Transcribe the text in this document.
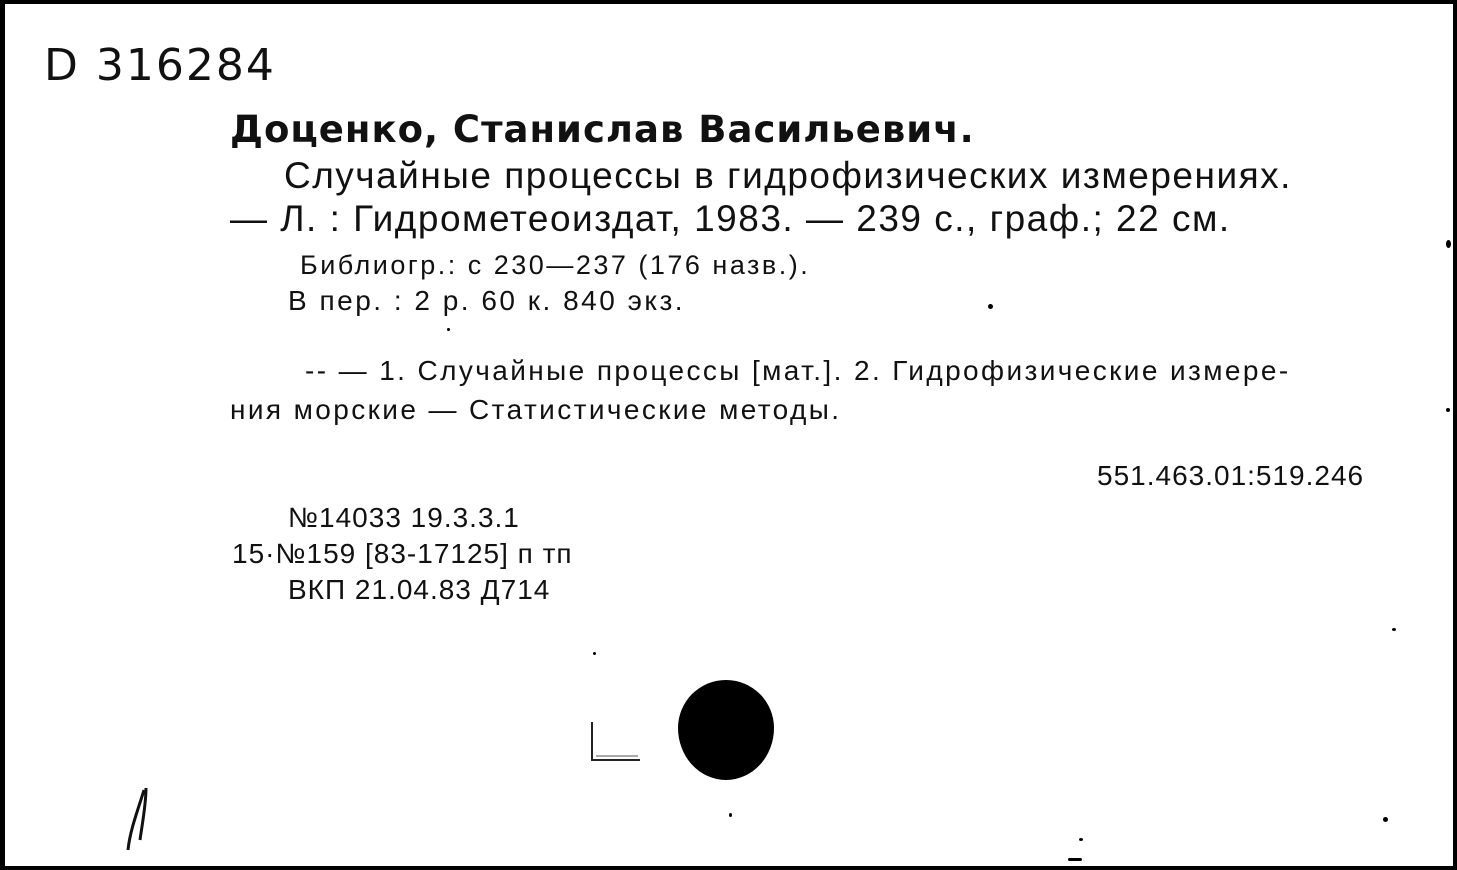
D 316284
Доценко, Станислав Васильевич.
Случайные процессы в гидрофизических измерениях.
— Л. : Гидрометеоиздат, 1983. — 239 с., граф.; 22 см.
Библиогр.: с 230—237 (176 назв.).
В пер. : 2 р. 60 к. 840 экз.
-- — 1. Случайные процессы [мат.]. 2. Гидрофизические измере-
ния морские — Статистические методы.
551.463.01:519.246
№14033 19.3.3.1
15·№159 [83-17125] п тп
ВКП 21.04.83 Д714
